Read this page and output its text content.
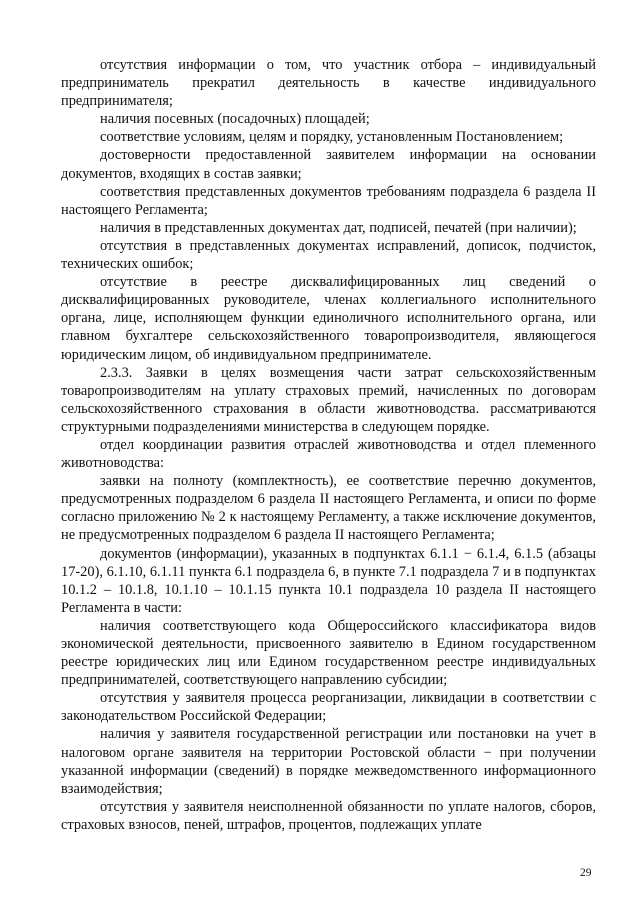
отсутствия информации о том, что участник отбора – индивидуальный предприниматель прекратил деятельность в качестве индивидуального предпринимателя;

наличия посевных (посадочных) площадей;

соответствие условиям, целям и порядку, установленным Постановлением;

достоверности предоставленной заявителем информации на основании документов, входящих в состав заявки;

соответствия представленных документов требованиям подраздела 6 раздела II настоящего Регламента;

наличия в представленных документах дат, подписей, печатей (при наличии);

отсутствия в представленных документах исправлений, дописок, подчисток, технических ошибок;

отсутствие в реестре дисквалифицированных лиц сведений о дисквалифицированных руководителе, членах коллегиального исполнительного органа, лице, исполняющем функции единоличного исполнительного органа, или главном бухгалтере сельскохозяйственного товаропроизводителя, являющегося юридическим лицом, об индивидуальном предпринимателе.

2.3.3. Заявки в целях возмещения части затрат сельскохозяйственным товаропроизводителям на уплату страховых премий, начисленных по договорам сельскохозяйственного страхования в области животноводства. рассматриваются структурными подразделениями министерства в следующем порядке.

отдел координации развития отраслей животноводства и отдел племенного животноводства:

заявки на полноту (комплектность), ее соответствие перечню документов, предусмотренных подразделом 6 раздела II настоящего Регламента, и описи по форме согласно приложению № 2 к настоящему Регламенту, а также исключение документов, не предусмотренных подразделом 6 раздела II настоящего Регламента;

документов (информации), указанных в подпунктах 6.1.1 − 6.1.4, 6.1.5 (абзацы 17-20), 6.1.10, 6.1.11 пункта 6.1 подраздела 6, в пункте 7.1 подраздела 7 и в подпунктах 10.1.2 – 10.1.8, 10.1.10 – 10.1.15 пункта 10.1 подраздела 10 раздела II настоящего Регламента в части:

наличия соответствующего кода Общероссийского классификатора видов экономической деятельности, присвоенного заявителю в Едином государственном реестре юридических лиц или Едином государственном реестре индивидуальных предпринимателей, соответствующего направлению субсидии;

отсутствия у заявителя процесса реорганизации, ликвидации в соответствии с законодательством Российской Федерации;

наличия у заявителя государственной регистрации или постановки на учет в налоговом органе заявителя на территории Ростовской области − при получении указанной информации (сведений) в порядке межведомственного информационного взаимодействия;

отсутствия у заявителя неисполненной обязанности по уплате налогов, сборов, страховых взносов, пеней, штрафов, процентов, подлежащих уплате

29
